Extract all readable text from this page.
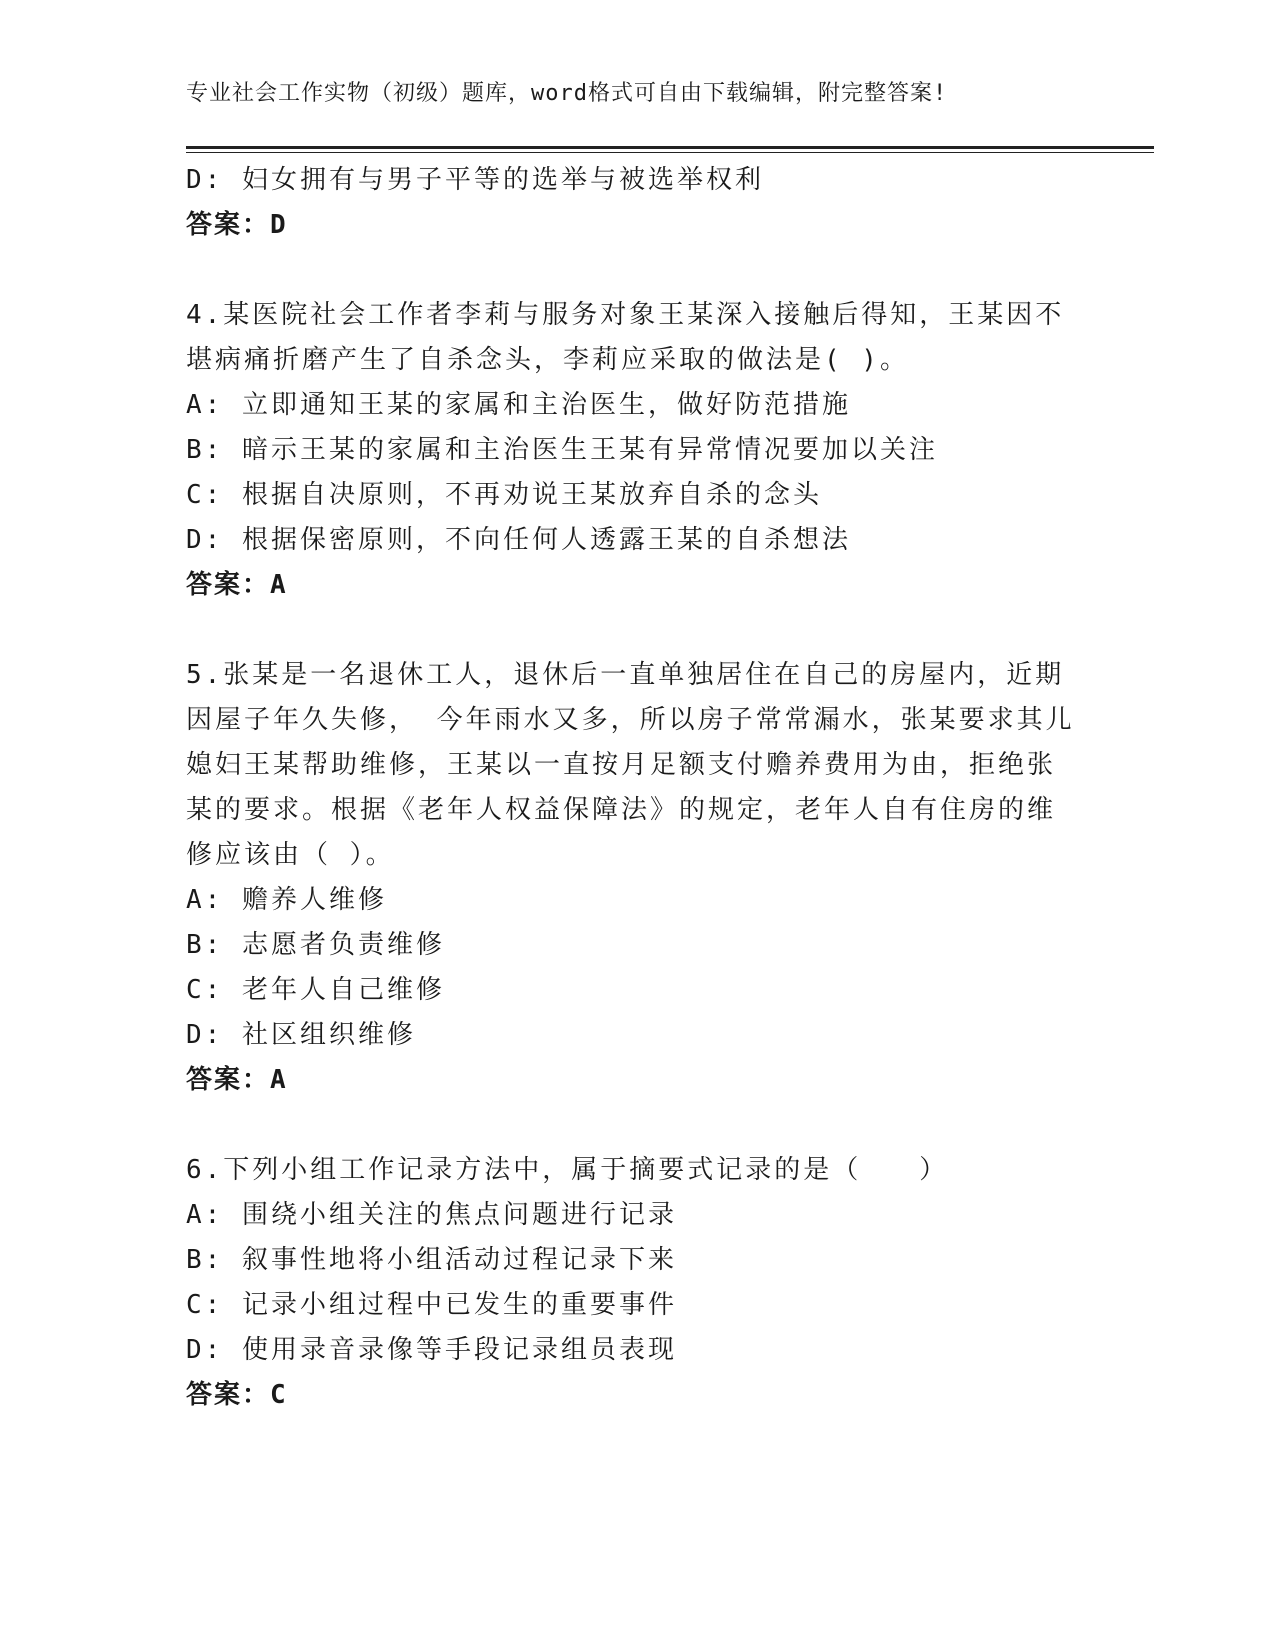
专业社会工作实物（初级）题库，word格式可自由下载编辑，附完整答案!
D: 妇女拥有与男子平等的选举与被选举权利
答案：D
4.某医院社会工作者李莉与服务对象王某深入接触后得知，王某因不
堪病痛折磨产生了自杀念头，李莉应采取的做法是( )。
A: 立即通知王某的家属和主治医生，做好防范措施
B: 暗示王某的家属和主治医生王某有异常情况要加以关注
C: 根据自决原则，不再劝说王某放弃自杀的念头
D: 根据保密原则，不向任何人透露王某的自杀想法
答案：A
5.张某是一名退休工人，退休后一直单独居住在自己的房屋内，近期
因屋子年久失修， 今年雨水又多，所以房子常常漏水，张某要求其儿
媳妇王某帮助维修，王某以一直按月足额支付赡养费用为由，拒绝张
某的要求。根据《老年人权益保障法》的规定，老年人自有住房的维
修应该由（ ）。
A: 赡养人维修
B: 志愿者负责维修
C: 老年人自己维修
D: 社区组织维修
答案：A
6.下列小组工作记录方法中，属于摘要式记录的是（　　）
A: 围绕小组关注的焦点问题进行记录
B: 叙事性地将小组活动过程记录下来
C: 记录小组过程中已发生的重要事件
D: 使用录音录像等手段记录组员表现
答案：C
